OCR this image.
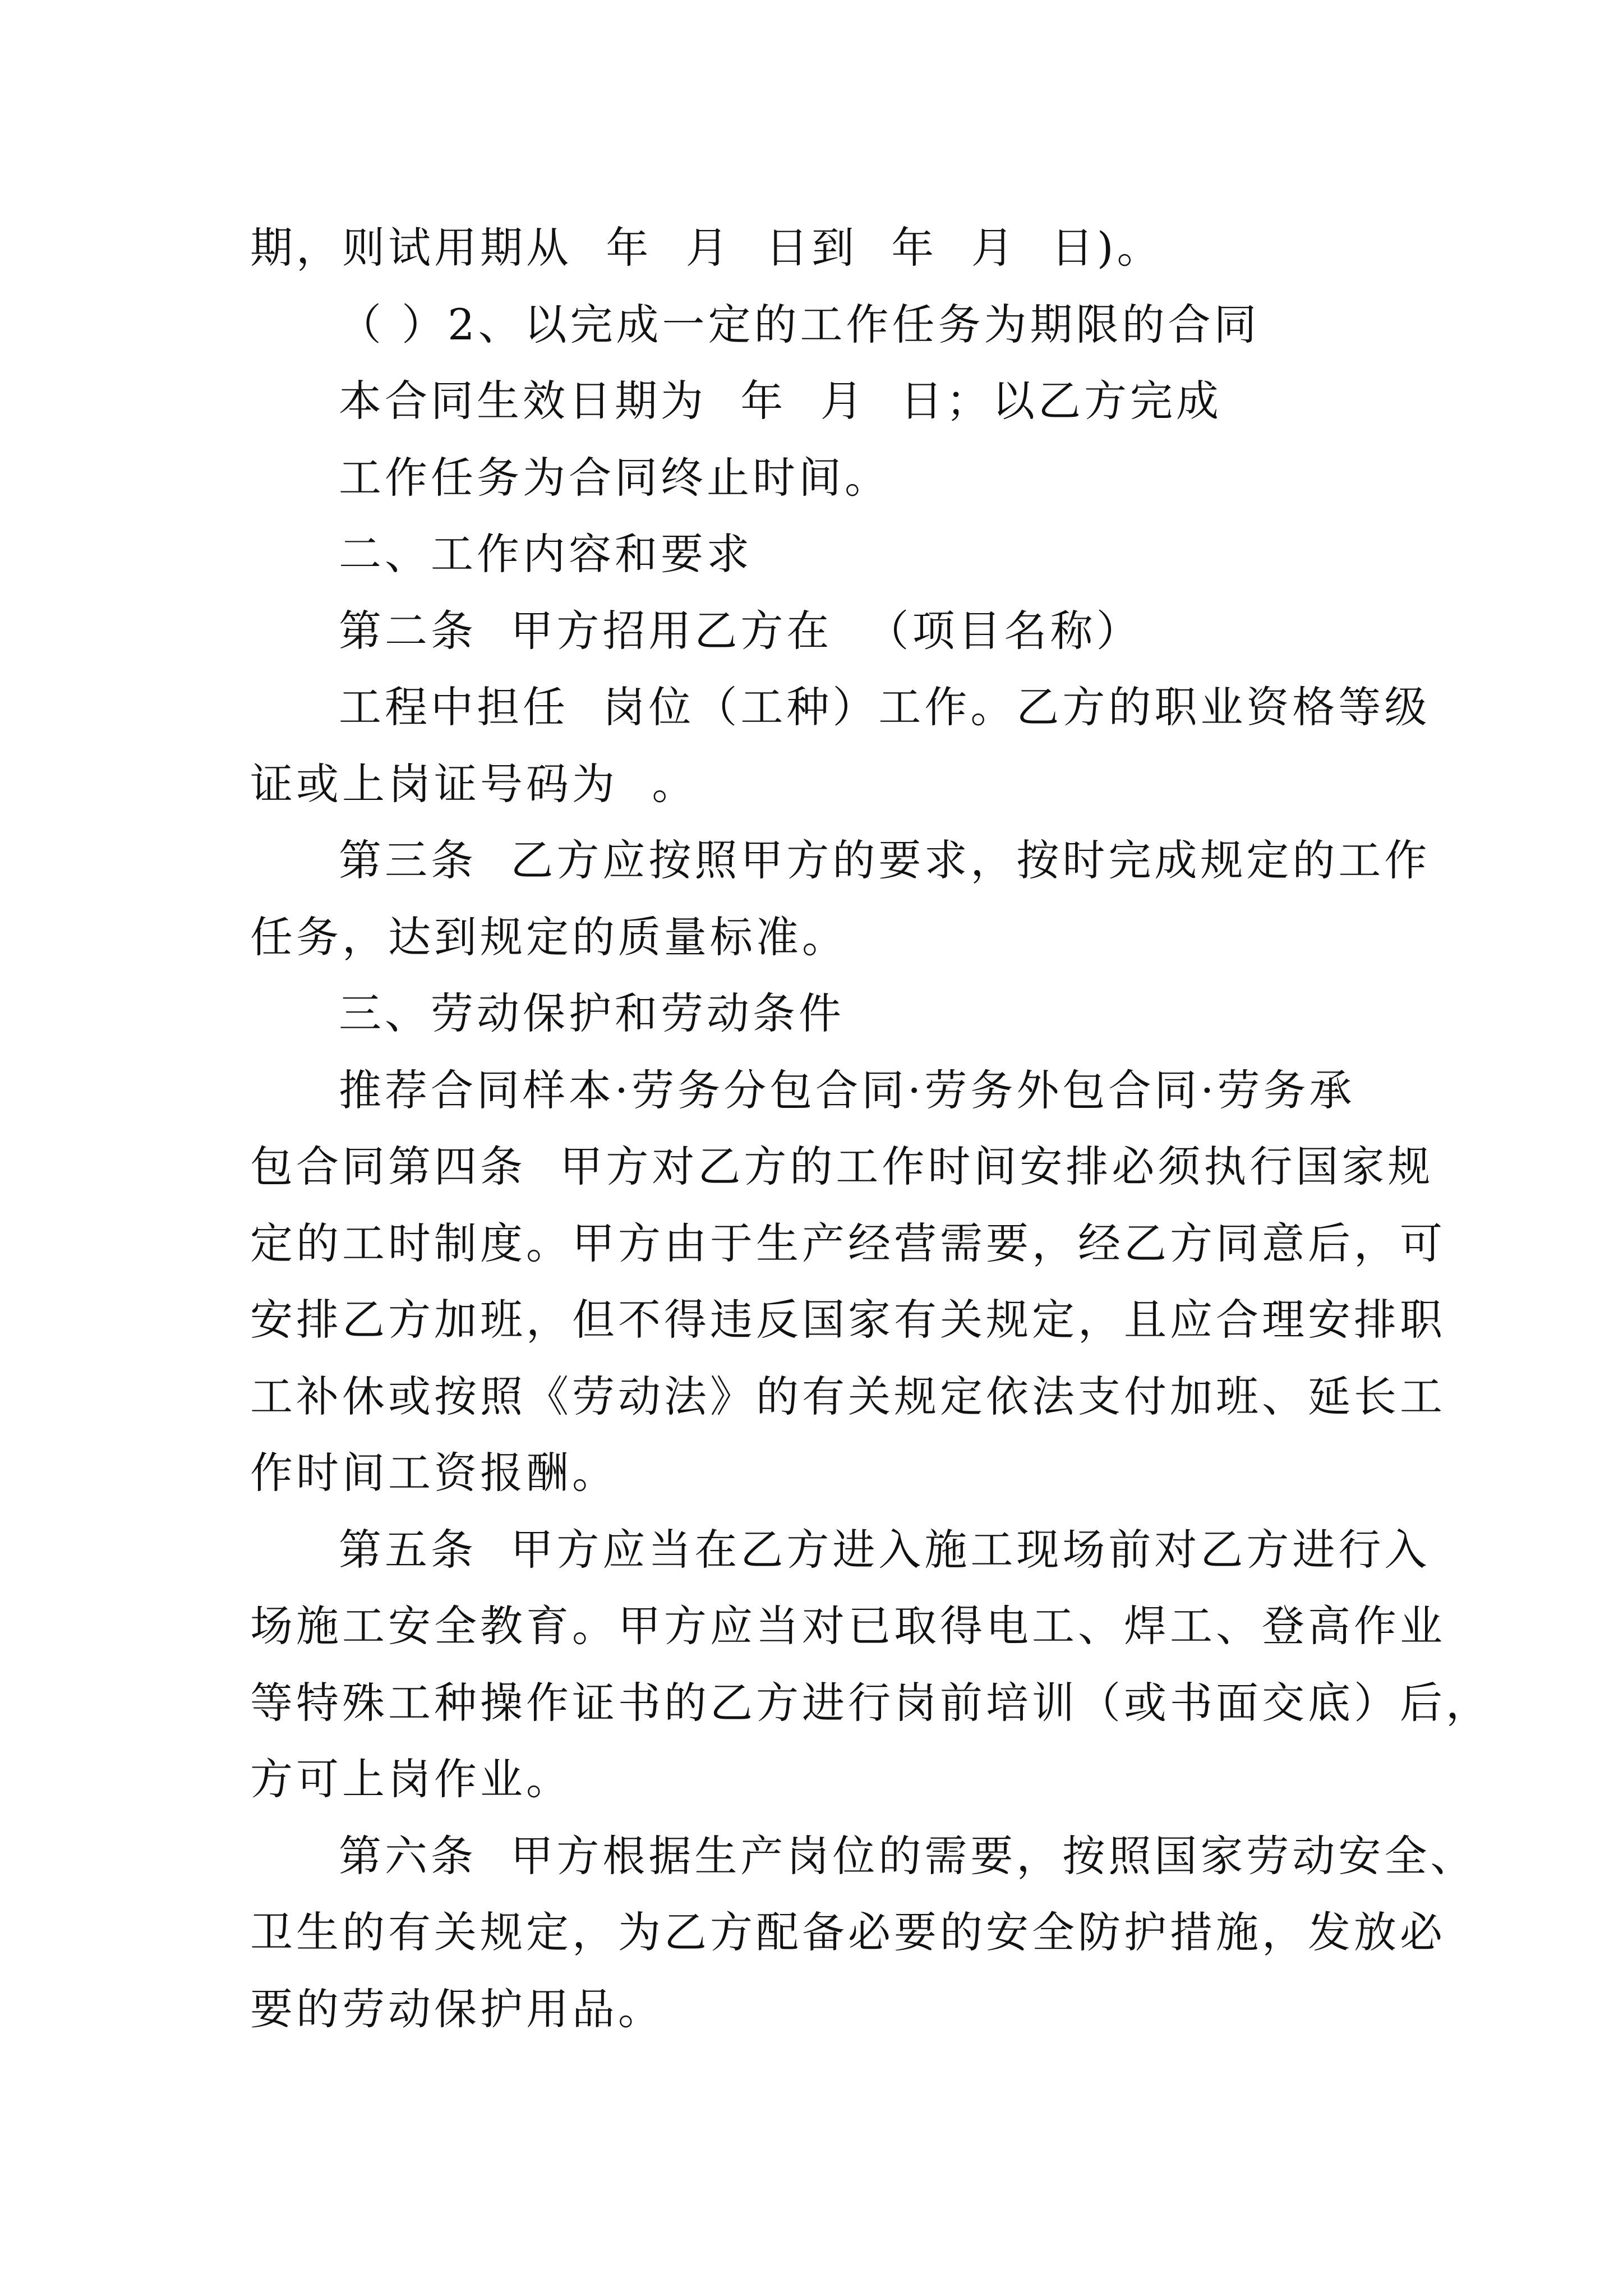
期，则试用期从  年  月  日到  年  月  日)。

（ ）2、以完成一定的工作任务为期限的合同

本合同生效日期为  年  月  日；以乙方完成

工作任务为合同终止时间。

二、工作内容和要求

第二条  甲方招用乙方在  （项目名称）

工程中担任  岗位（工种）工作。乙方的职业资格等级

证或上岗证号码为  。

第三条  乙方应按照甲方的要求，按时完成规定的工作

任务，达到规定的质量标准。

三、劳动保护和劳动条件

推荐合同样本·劳务分包合同·劳务外包合同·劳务承

包合同第四条  甲方对乙方的工作时间安排必须执行国家规

定的工时制度。甲方由于生产经营需要，经乙方同意后，可

安排乙方加班，但不得违反国家有关规定，且应合理安排职

工补休或按照《劳动法》的有关规定依法支付加班、延长工

作时间工资报酬。

第五条  甲方应当在乙方进入施工现场前对乙方进行入

场施工安全教育。甲方应当对已取得电工、焊工、登高作业

等特殊工种操作证书的乙方进行岗前培训（或书面交底）后，

方可上岗作业。

第六条  甲方根据生产岗位的需要，按照国家劳动安全、

卫生的有关规定，为乙方配备必要的安全防护措施，发放必

要的劳动保护用品。
